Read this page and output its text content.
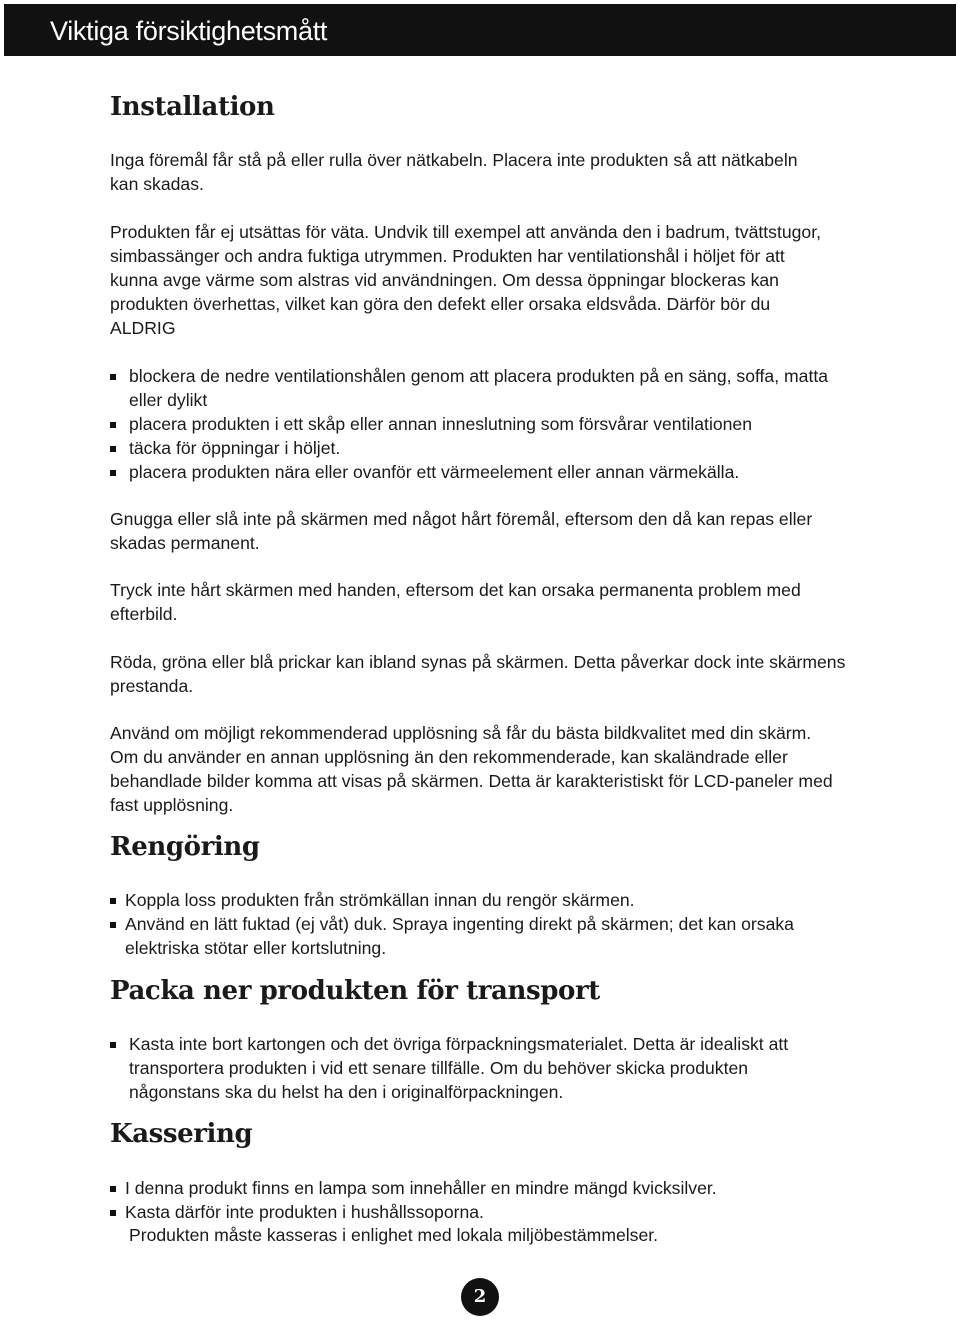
Viktiga försiktighetsmått
Installation

Inga föremål får stå på eller rulla över nätkabeln. Placera inte produkten så att nätkabeln kan skadas.

Produkten får ej utsättas för väta. Undvik till exempel att använda den i badrum, tvättstugor, simbassänger och andra fuktiga utrymmen. Produkten har ventilationshål i höljet för att kunna avge värme som alstras vid användningen. Om dessa öppningar blockeras kan produkten överhettas, vilket kan göra den defekt eller orsaka eldsvåda. Därför bör du ALDRIG

blockera de nedre ventilationshålen genom att placera produkten på en säng, soffa, matta eller dylikt

placera produkten i ett skåp eller annan inneslutning som försvårar ventilationen

täcka för öppningar i höljet.

placera produkten nära eller ovanför ett värmeelement eller annan värmekälla.

Gnugga eller slå inte på skärmen med något hårt föremål, eftersom den då kan repas eller skadas permanent.

Tryck inte hårt skärmen med handen, eftersom det kan orsaka permanenta problem med efterbild.

Röda, gröna eller blå prickar kan ibland synas på skärmen. Detta påverkar dock inte skärmens prestanda.

Använd om möjligt rekommenderad upplösning så får du bästa bildkvalitet med din skärm. Om du använder en annan upplösning än den rekommenderade, kan skaländrade eller behandlade bilder komma att visas på skärmen. Detta är karakteristiskt för LCD-paneler med fast upplösning.

Rengöring

Koppla loss produkten från strömkällan innan du rengör skärmen.

Använd en lätt fuktad (ej våt) duk. Spraya ingenting direkt på skärmen; det kan orsaka elektriska stötar eller kortslutning.

Packa ner produkten för transport

Kasta inte bort kartongen och det övriga förpackningsmaterialet. Detta är idealiskt att transportera produkten i vid ett senare tillfälle. Om du behöver skicka produkten någonstans ska du helst ha den i originalförpackningen.

Kassering

I denna produkt finns en lampa som innehåller en mindre mängd kvicksilver.

Kasta därför inte produkten i hushållssoporna.

Produkten måste kasseras i enlighet med lokala miljöbestämmelser.
2
